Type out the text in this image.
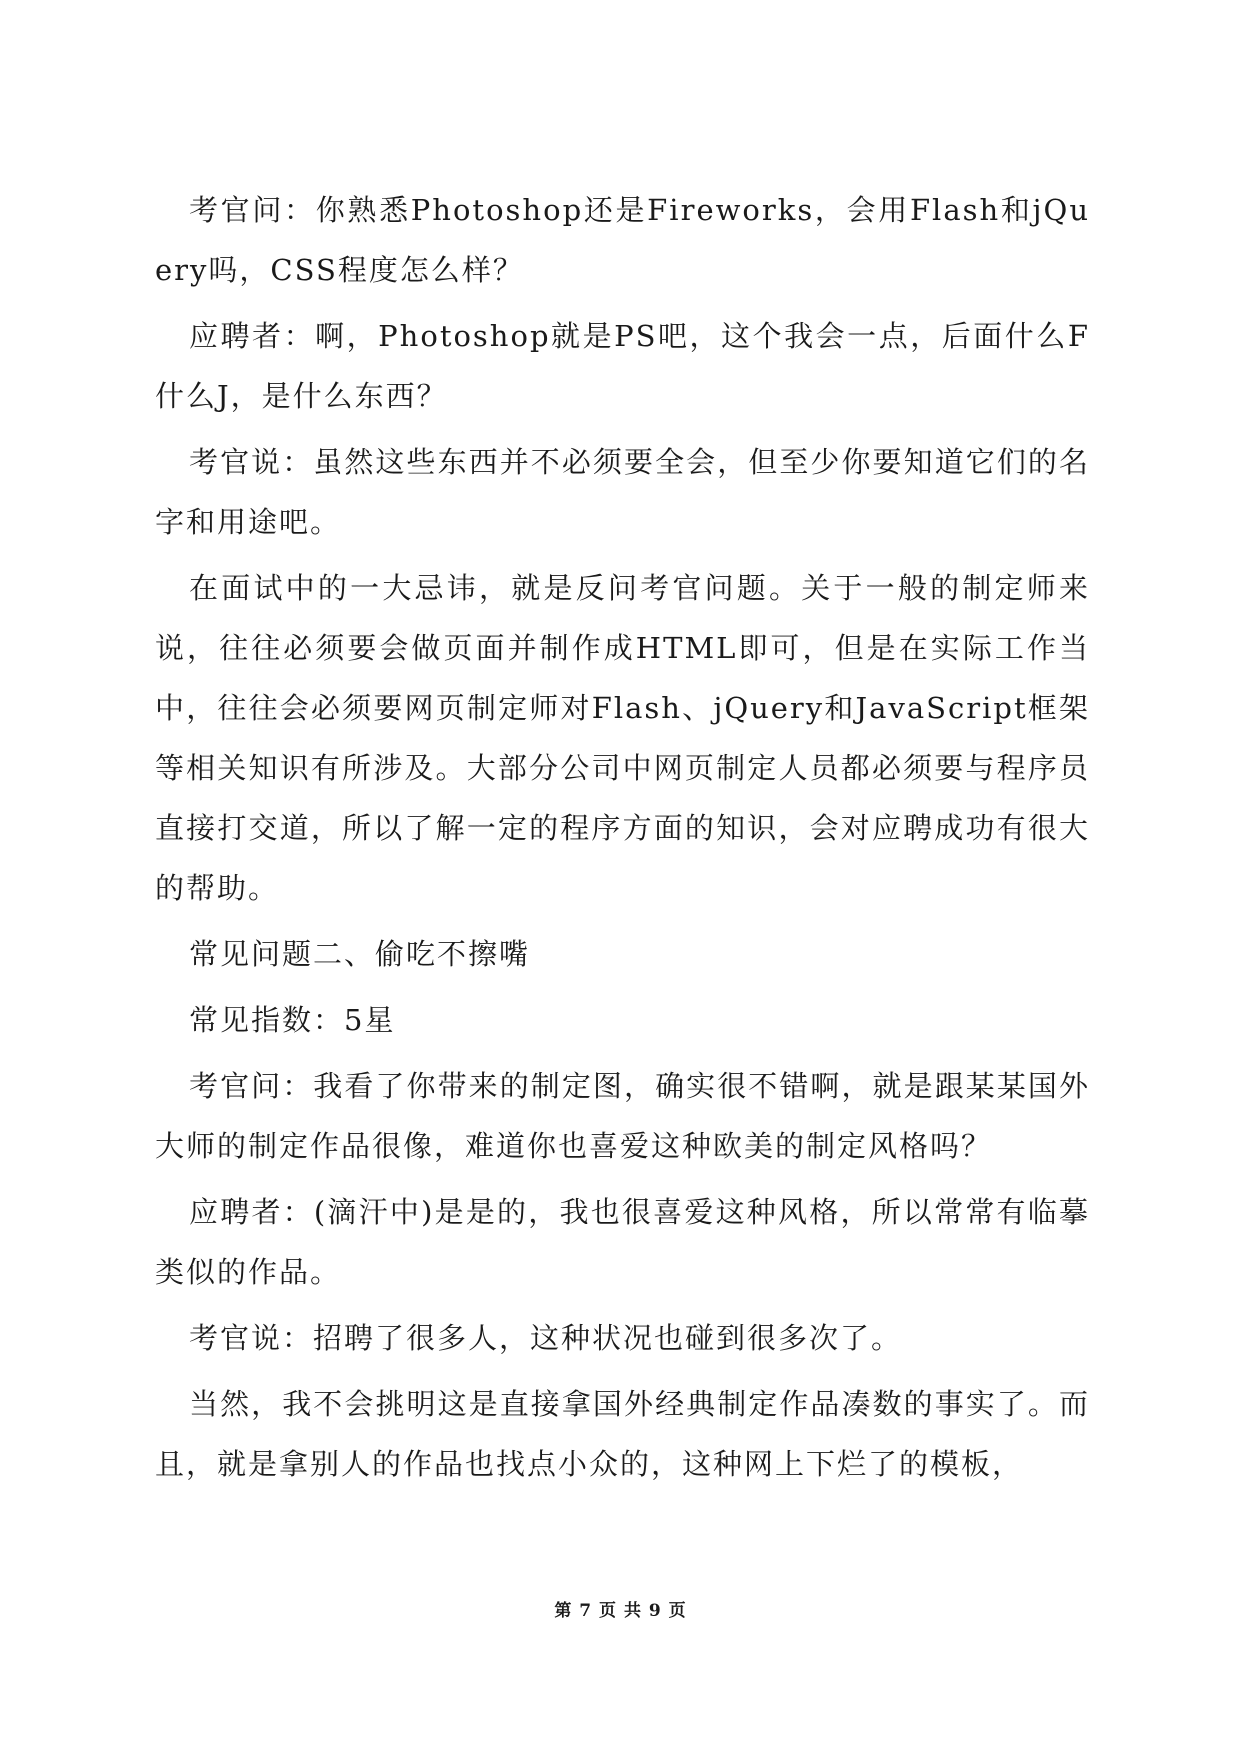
考官问：你熟悉Photoshop还是Fireworks，会用Flash和jQuery吗，CSS程度怎么样？

应聘者：啊，Photoshop就是PS吧，这个我会一点，后面什么F什么J，是什么东西？

考官说：虽然这些东西并不必须要全会，但至少你要知道它们的名字和用途吧。

在面试中的一大忌讳，就是反问考官问题。关于一般的制定师来说，往往必须要会做页面并制作成HTML即可，但是在实际工作当中，往往会必须要网页制定师对Flash、jQuery和JavaScript框架等相关知识有所涉及。大部分公司中网页制定人员都必须要与程序员直接打交道，所以了解一定的程序方面的知识，会对应聘成功有很大的帮助。

常见问题二、偷吃不擦嘴

常见指数：5星

考官问：我看了你带来的制定图，确实很不错啊，就是跟某某国外大师的制定作品很像，难道你也喜爱这种欧美的制定风格吗？

应聘者：(滴汗中)是是的，我也很喜爱这种风格，所以常常有临摹类似的作品。

考官说：招聘了很多人，这种状况也碰到很多次了。

当然，我不会挑明这是直接拿国外经典制定作品凑数的事实了。而且，就是拿别人的作品也找点小众的，这种网上下烂了的模板，

第 7 页 共 9 页
